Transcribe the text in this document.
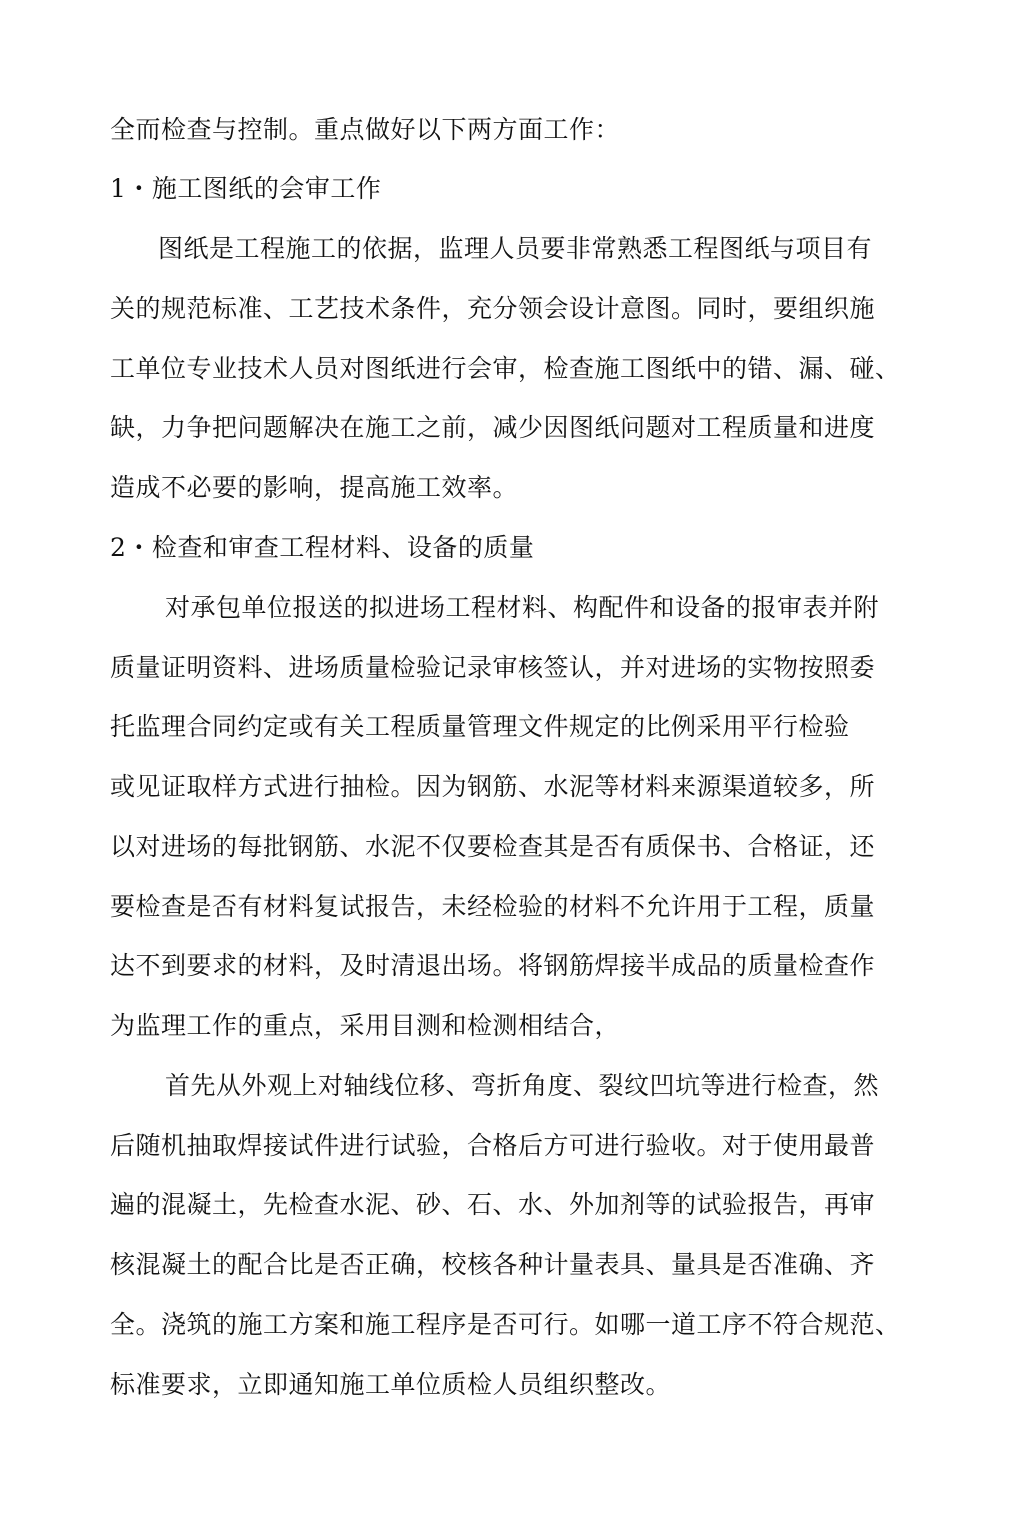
全而检查与控制。重点做好以下两方面工作：
1・施工图纸的会审工作
图纸是工程施工的依据，监理人员要非常熟悉工程图纸与项目有
关的规范标准、工艺技术条件，充分领会设计意图。同时，要组织施
工单位专业技术人员对图纸进行会审，检查施工图纸中的错、漏、碰、
缺，力争把问题解决在施工之前，减少因图纸问题对工程质量和进度
造成不必要的影响，提高施工效率。
2・检查和审查工程材料、设备的质量
对承包单位报送的拟进场工程材料、构配件和设备的报审表并附
质量证明资料、进场质量检验记录审核签认，并对进场的实物按照委
托监理合同约定或有关工程质量管理文件规定的比例采用平行检验
或见证取样方式进行抽检。因为钢筋、水泥等材料来源渠道较多，所
以对进场的每批钢筋、水泥不仅要检查其是否有质保书、合格证，还
要检查是否有材料复试报告，未经检验的材料不允许用于工程，质量
达不到要求的材料，及时清退出场。将钢筋焊接半成品的质量检查作
为监理工作的重点，采用目测和检测相结合，
首先从外观上对轴线位移、弯折角度、裂纹凹坑等进行检查，然
后随机抽取焊接试件进行试验，合格后方可进行验收。对于使用最普
遍的混凝土，先检查水泥、砂、石、水、外加剂等的试验报告，再审
核混凝土的配合比是否正确，校核各种计量表具、量具是否准确、齐
全。浇筑的施工方案和施工程序是否可行。如哪一道工序不符合规范、
标准要求，立即通知施工单位质检人员组织整改。
